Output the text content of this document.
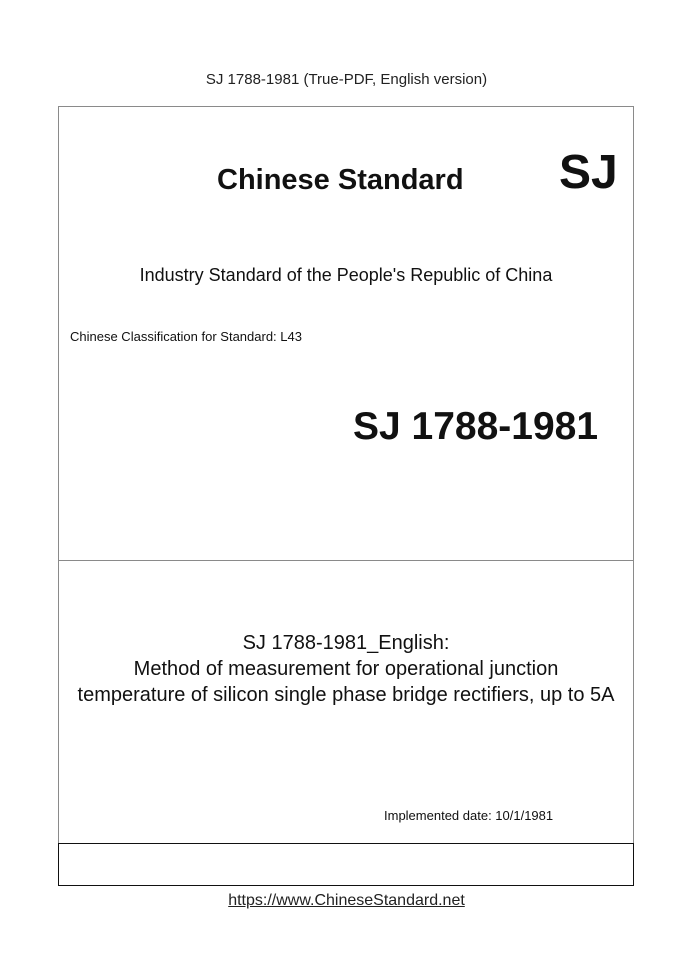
SJ 1788-1981 (True-PDF, English version)
Chinese Standard SJ
Industry Standard of the People's Republic of China
Chinese Classification for Standard: L43
SJ 1788-1981
SJ 1788-1981_English:
Method of measurement for operational junction
temperature of silicon single phase bridge rectifiers, up to 5A
Implemented date: 10/1/1981
https://www.ChineseStandard.net
